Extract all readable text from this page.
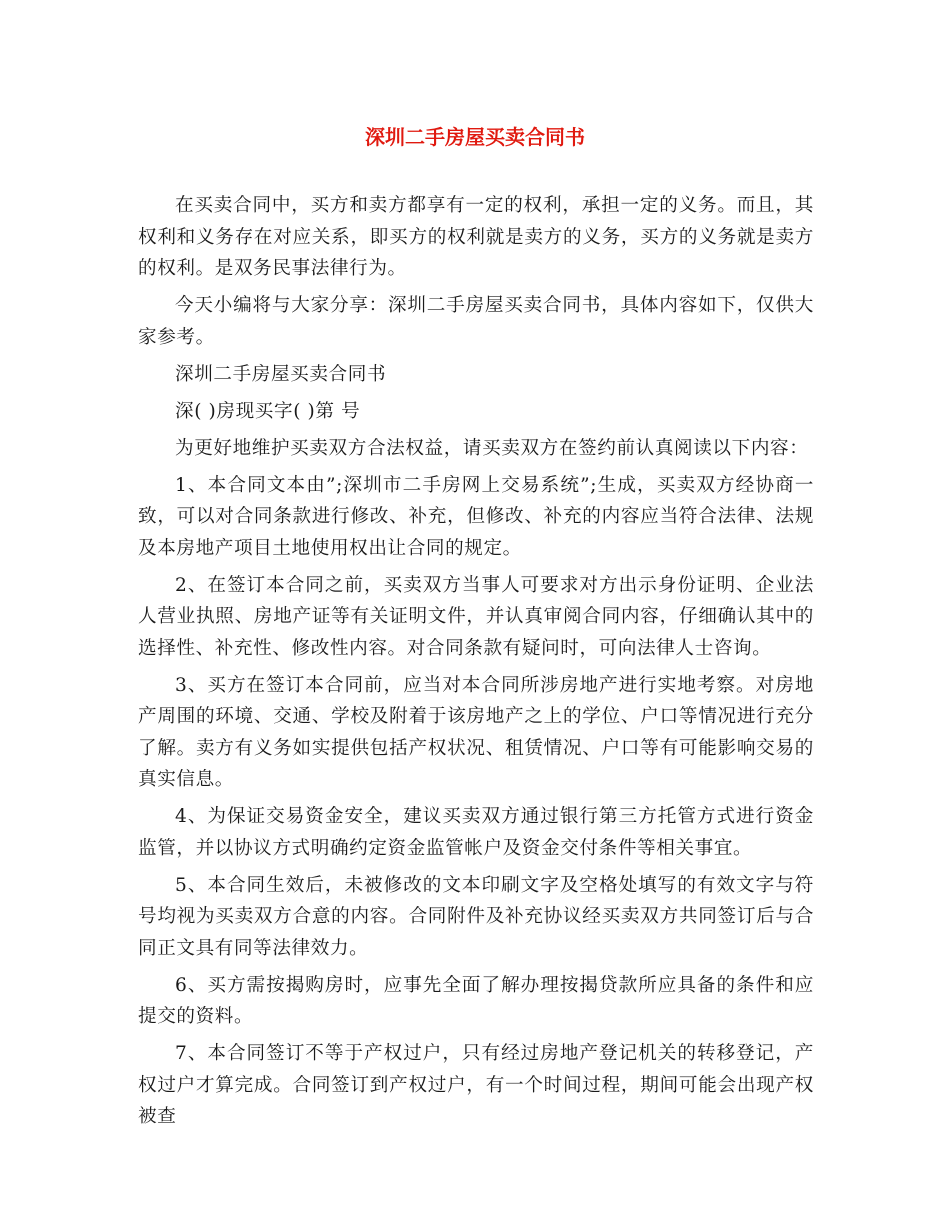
深圳二手房屋买卖合同书

在买卖合同中，买方和卖方都享有一定的权利，承担一定的义务。而且，其权利和义务存在对应关系，即买方的权利就是卖方的义务，买方的义务就是卖方的权利。是双务民事法律行为。

今天小编将与大家分享：深圳二手房屋买卖合同书，具体内容如下，仅供大家参考。

深圳二手房屋买卖合同书

深( )房现买字( )第 号

为更好地维护买卖双方合法权益，请买卖双方在签约前认真阅读以下内容：

1、本合同文本由”;深圳市二手房网上交易系统”;生成，买卖双方经协商一致，可以对合同条款进行修改、补充，但修改、补充的内容应当符合法律、法规及本房地产项目土地使用权出让合同的规定。

2、在签订本合同之前，买卖双方当事人可要求对方出示身份证明、企业法人营业执照、房地产证等有关证明文件，并认真审阅合同内容，仔细确认其中的选择性、补充性、修改性内容。对合同条款有疑问时，可向法律人士咨询。

3、买方在签订本合同前，应当对本合同所涉房地产进行实地考察。对房地产周围的环境、交通、学校及附着于该房地产之上的学位、户口等情况进行充分了解。卖方有义务如实提供包括产权状况、租赁情况、户口等有可能影响交易的真实信息。

4、为保证交易资金安全，建议买卖双方通过银行第三方托管方式进行资金监管，并以协议方式明确约定资金监管帐户及资金交付条件等相关事宜。

5、本合同生效后，未被修改的文本印刷文字及空格处填写的有效文字与符号均视为买卖双方合意的内容。合同附件及补充协议经买卖双方共同签订后与合同正文具有同等法律效力。

6、买方需按揭购房时，应事先全面了解办理按揭贷款所应具备的条件和应提交的资料。

7、本合同签订不等于产权过户，只有经过房地产登记机关的转移登记，产权过户才算完成。合同签订到产权过户，有一个时间过程，期间可能会出现产权被查
